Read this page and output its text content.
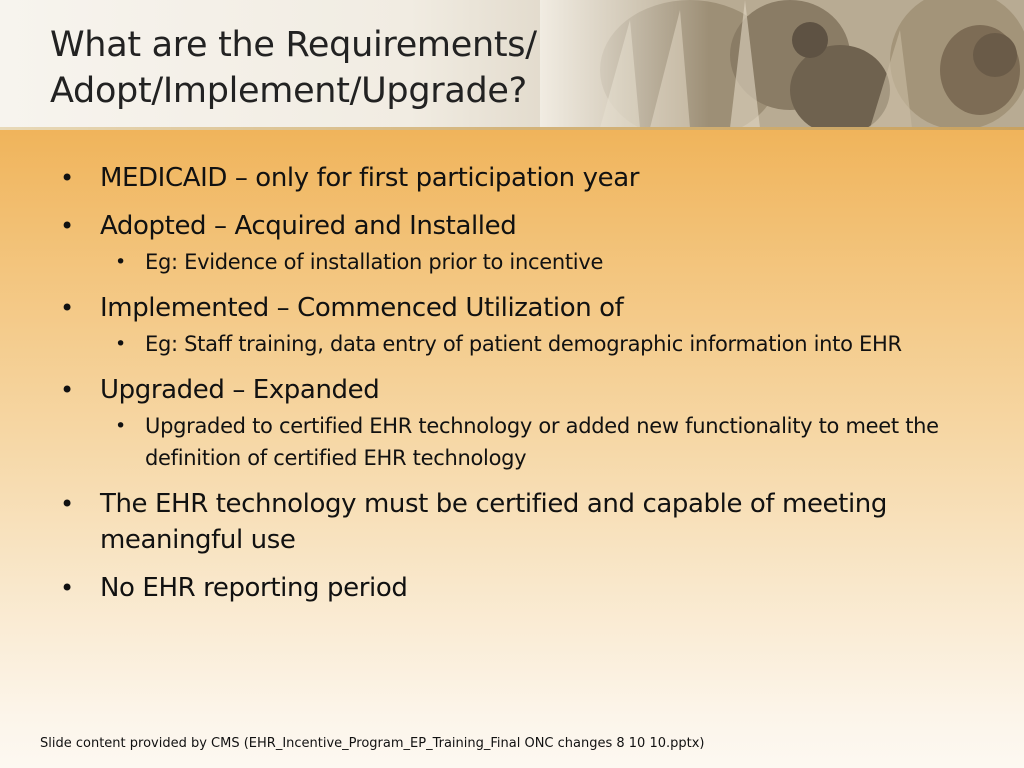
What are the Requirements/
Adopt/Implement/Upgrade?
• MEDICAID – only for first participation year
• Adopted – Acquired and Installed
• Eg: Evidence of installation prior to incentive
• Implemented – Commenced Utilization of
• Eg: Staff training, data entry of patient demographic information into EHR
• Upgraded – Expanded
• Upgraded to certified EHR technology or added new functionality to meet the definition of certified EHR technology
• The EHR technology must be certified and capable of meeting meaningful use
• No EHR reporting period
Slide content provided by CMS (EHR_Incentive_Program_EP_Training_Final ONC changes 8 10 10.pptx)
